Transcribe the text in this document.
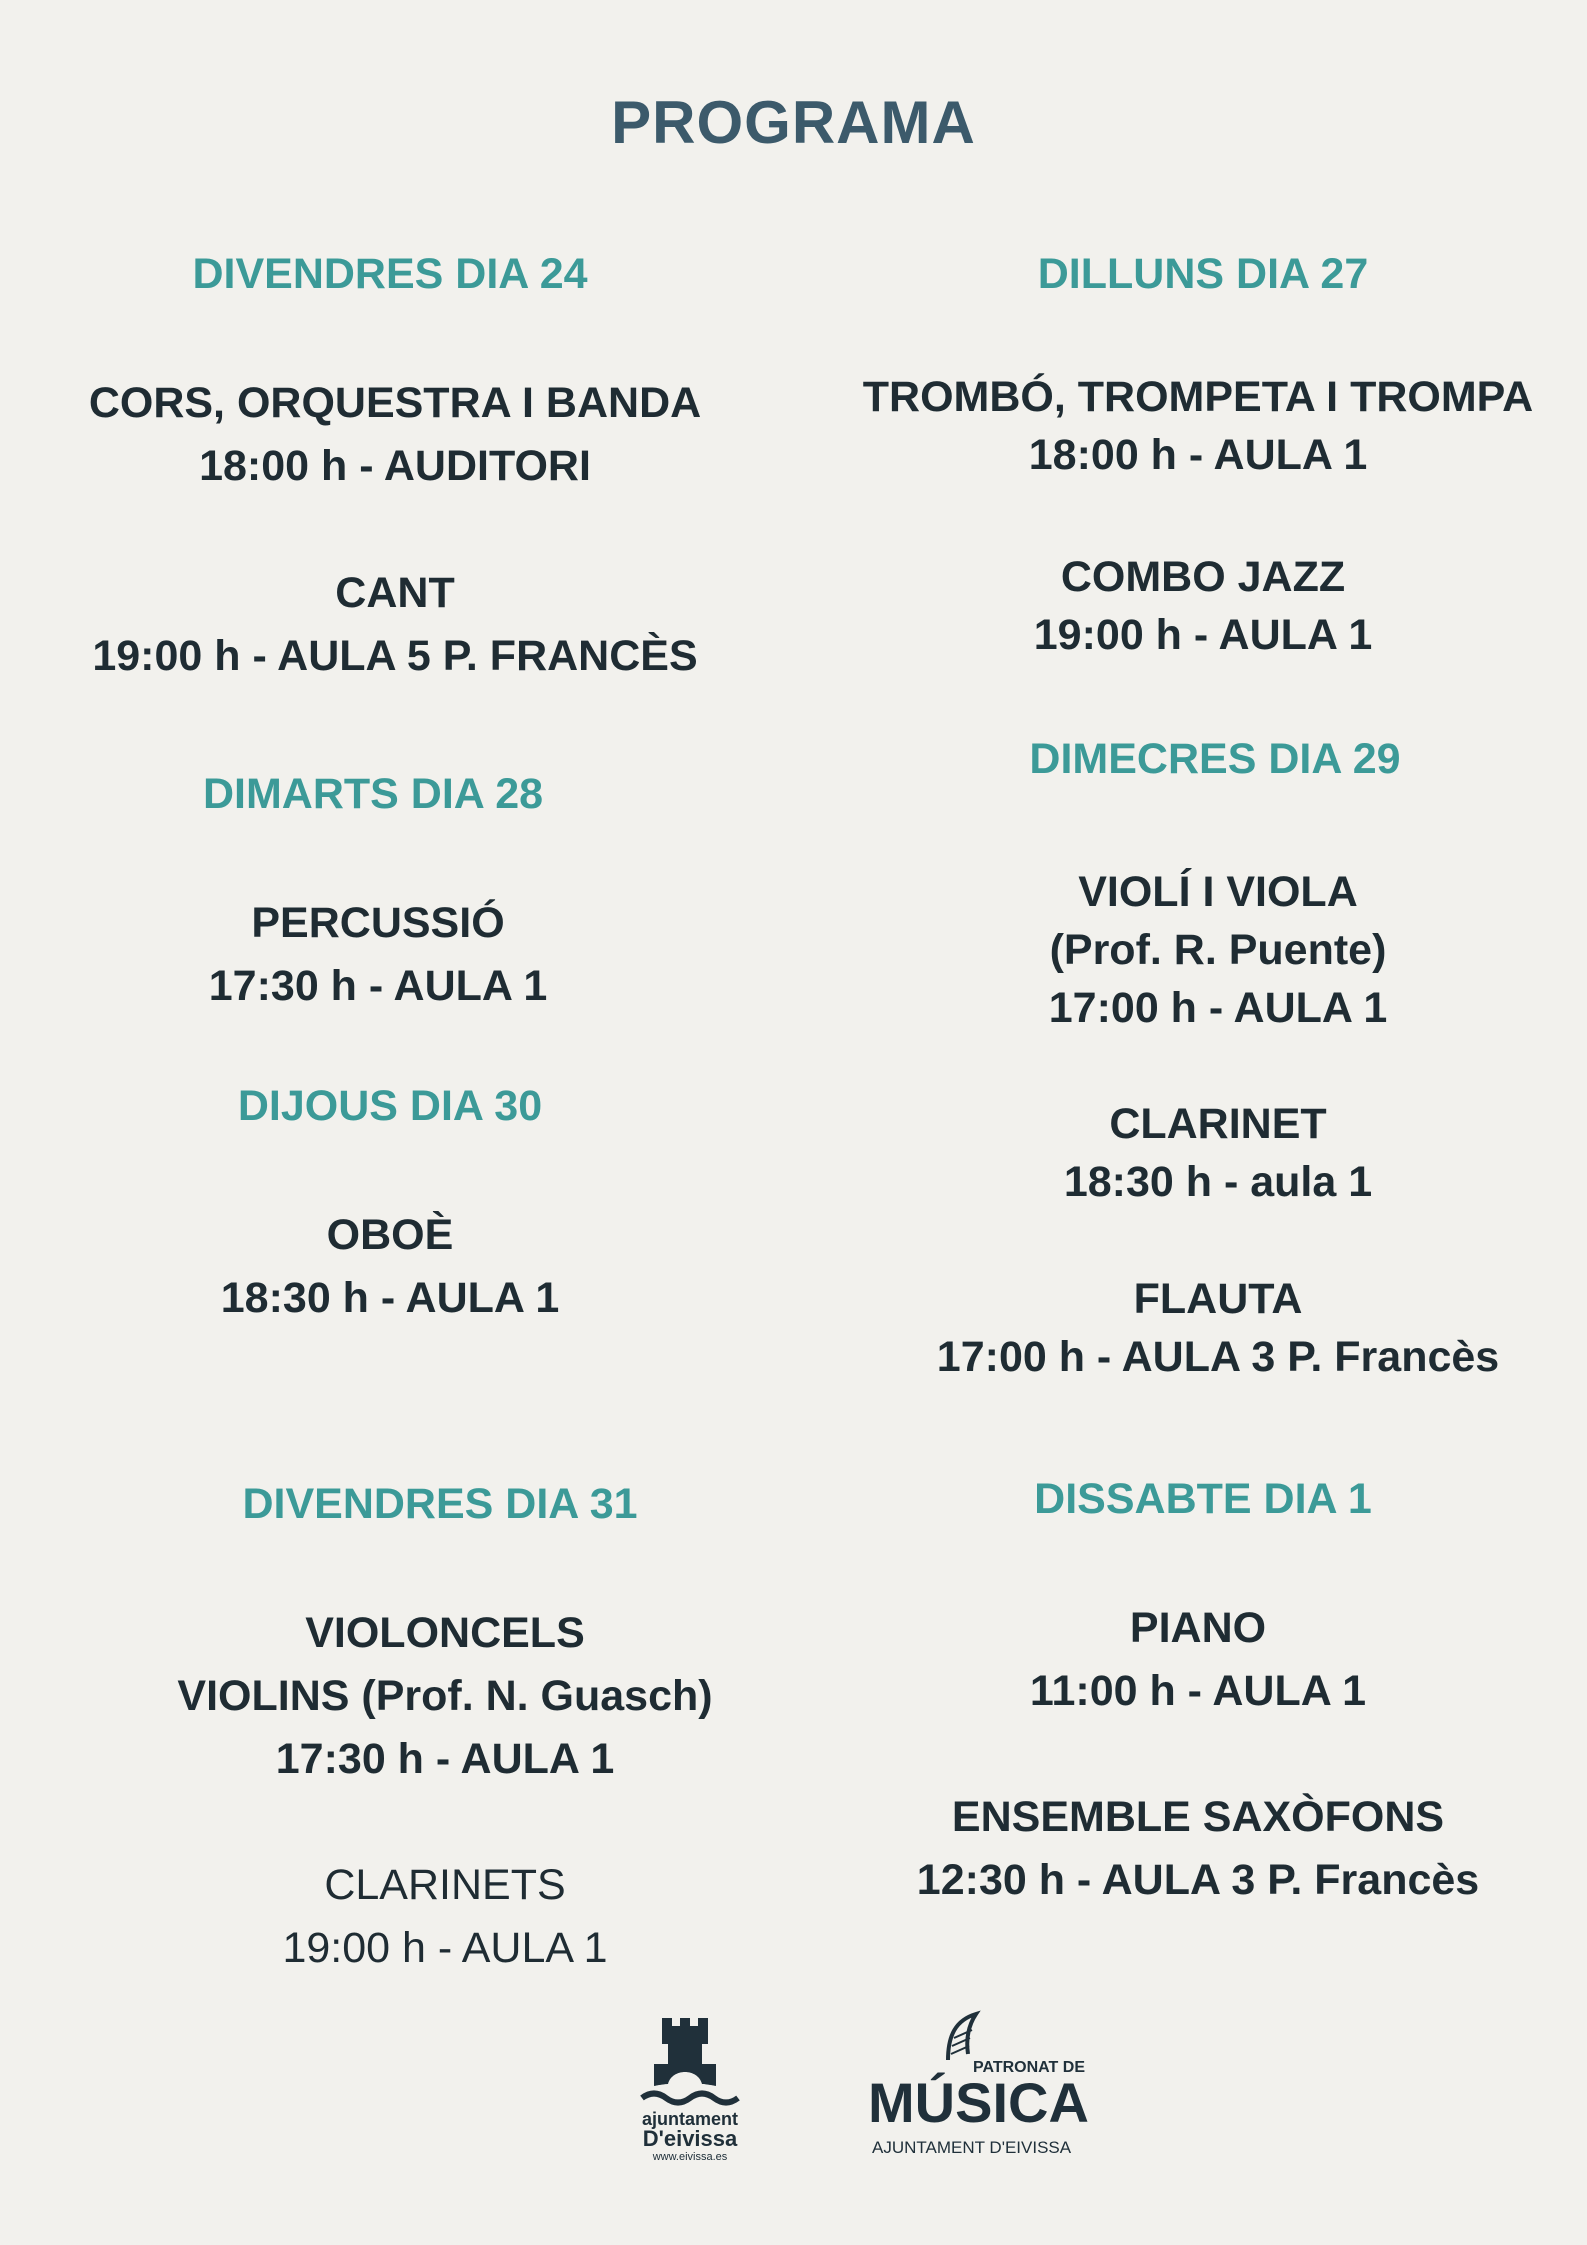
PROGRAMA
DIVENDRES DIA 24
CORS, ORQUESTRA I BANDA
18:00 h - AUDITORI
CANT
19:00 h - AULA 5 P. FRANCÈS
DIMARTS DIA 28
PERCUSSIÓ
17:30 h - AULA 1
DIJOUS DIA 30
OBOÈ
18:30 h - AULA 1
DIVENDRES DIA 31
VIOLONCELS
VIOLINS (Prof. N. Guasch)
17:30 h - AULA 1
CLARINETS
19:00 h - AULA 1
DILLUNS DIA 27
TROMBÓ, TROMPETA I TROMPA
18:00 h - AULA 1
COMBO JAZZ
19:00 h - AULA 1
DIMECRES DIA 29
VIOLÍ I VIOLA
(Prof. R. Puente)
17:00 h - AULA 1
CLARINET
18:30 h - aula 1
FLAUTA
17:00 h - AULA 3 P. Francès
DISSABTE DIA 1
PIANO
11:00 h - AULA 1
ENSEMBLE SAXÒFONS
12:30 h - AULA 3 P. Francès
ajuntament
D'eivissa
www.eivissa.es
PATRONAT DE
MÚSICA
AJUNTAMENT D'EIVISSA
